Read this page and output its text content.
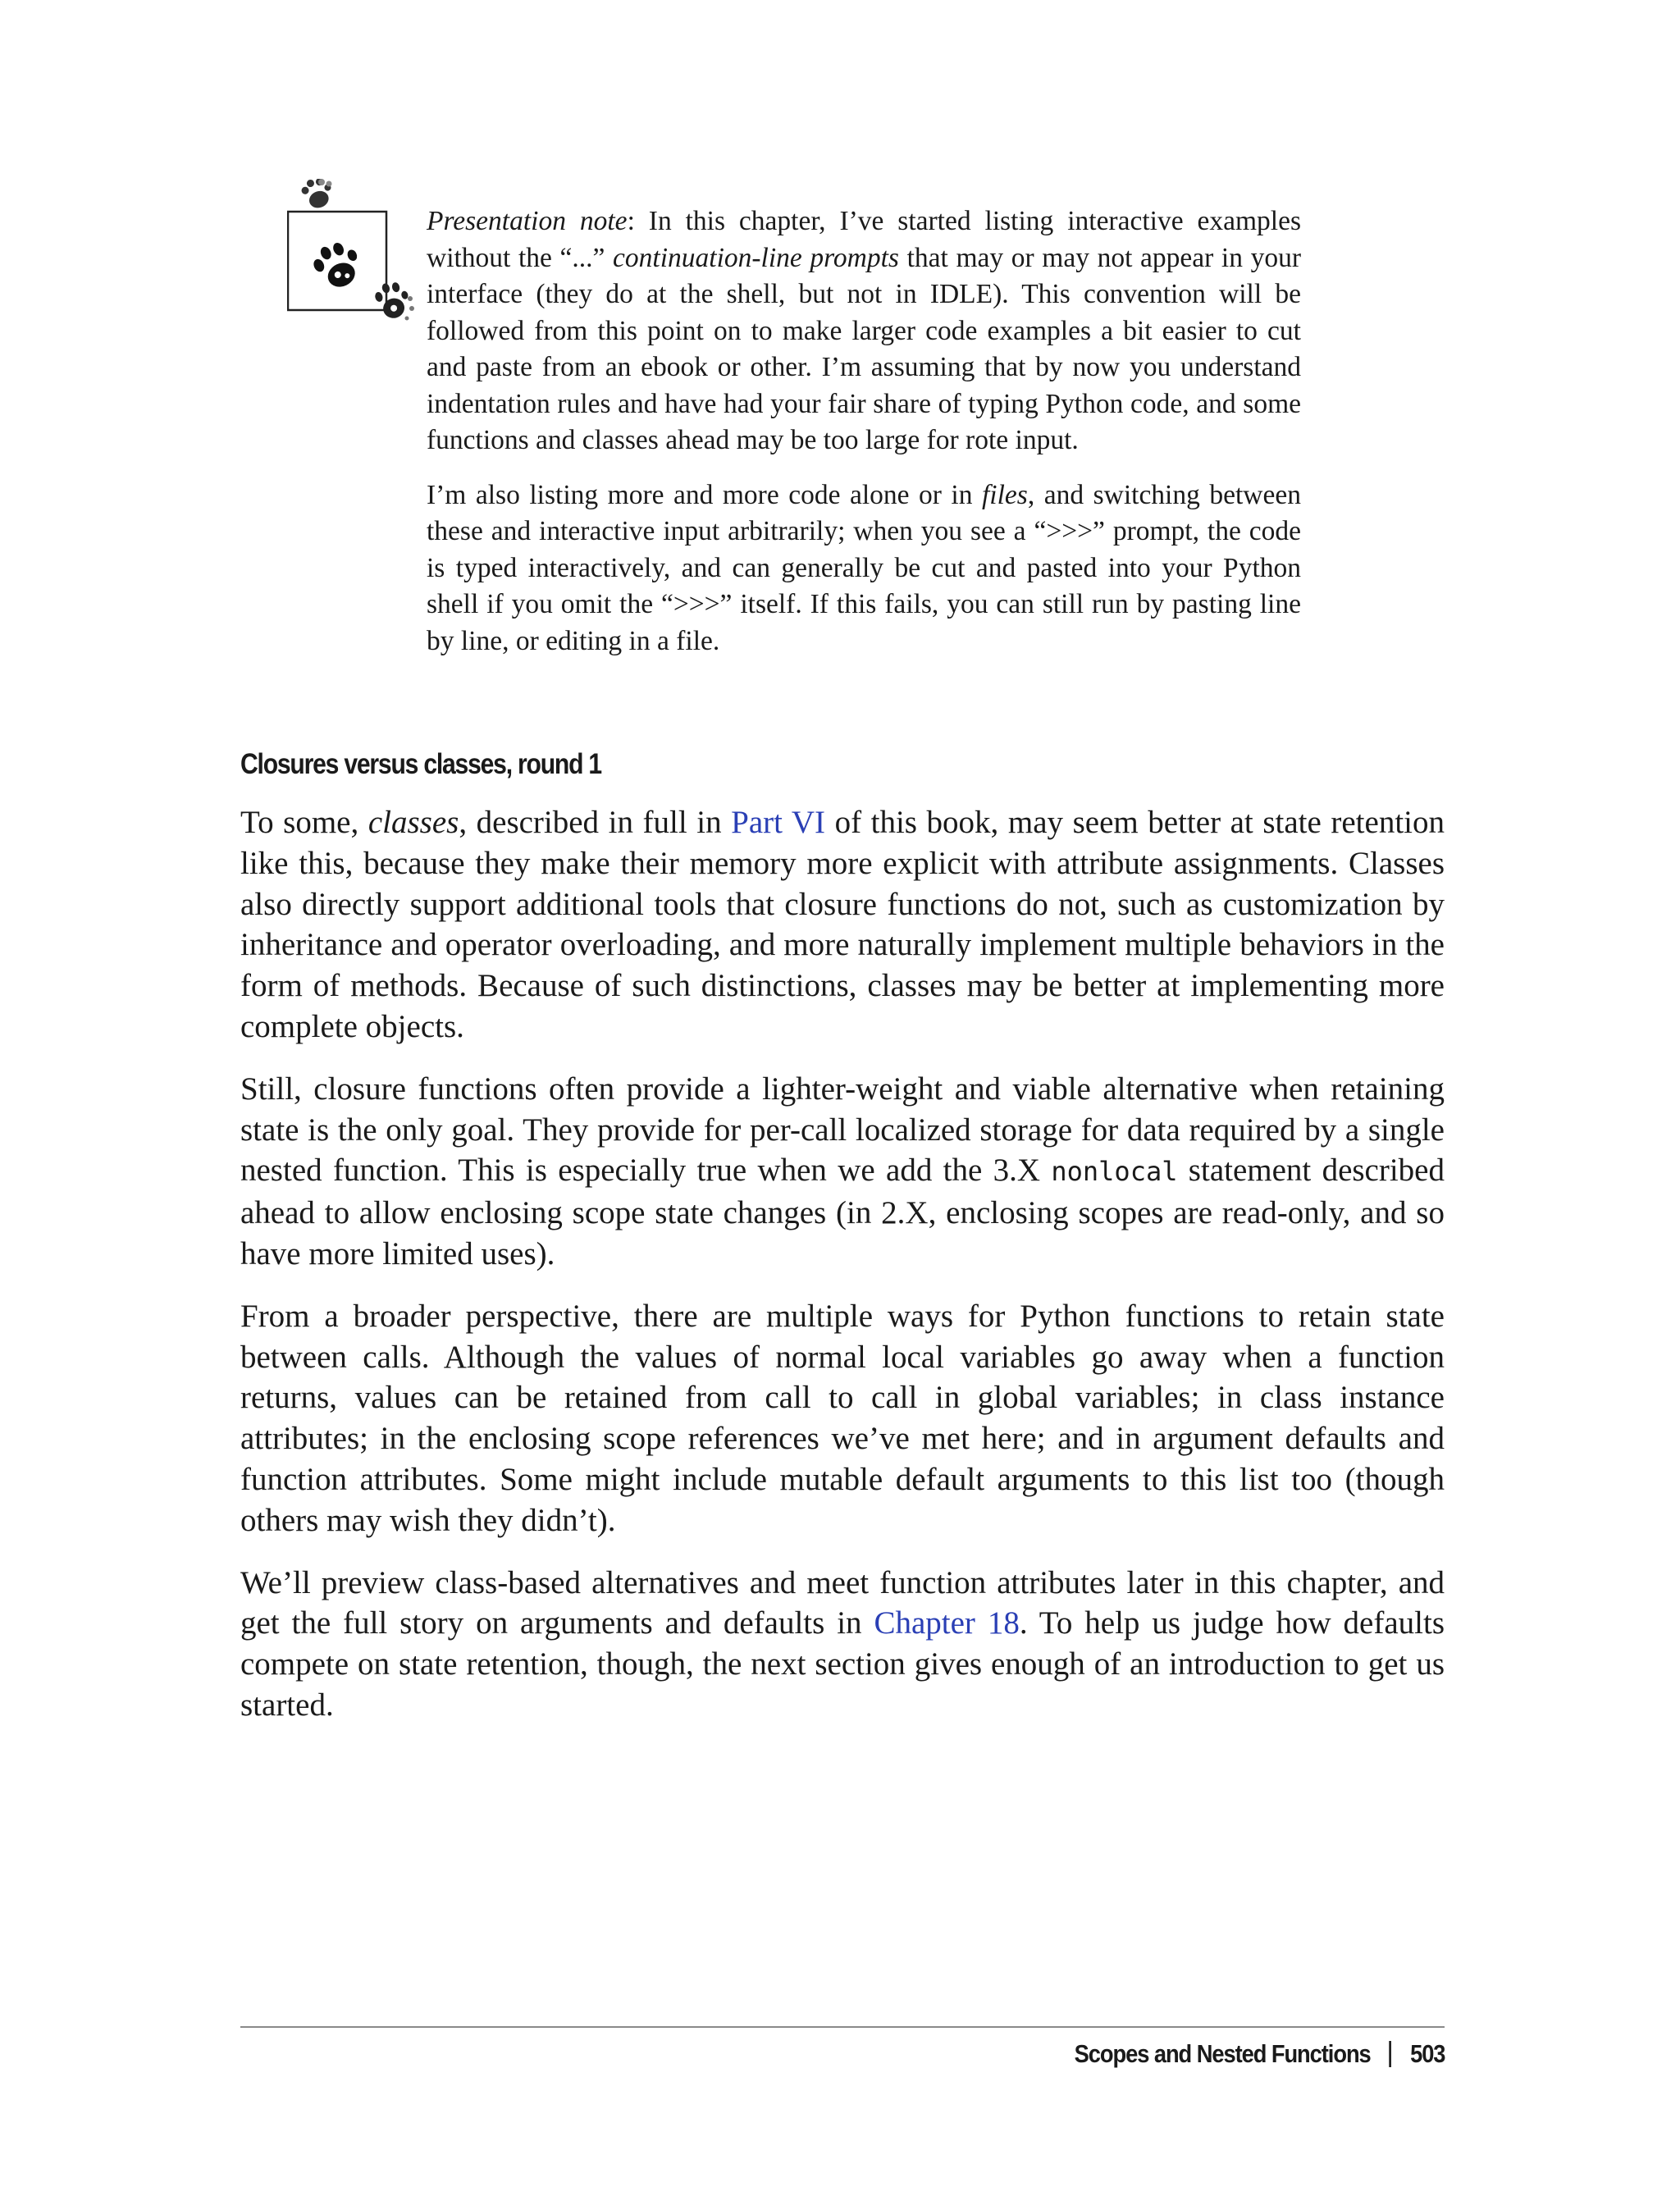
Presentation note: In this chapter, I’ve started listing interactive examples without the “...” continuation-line prompts that may or may not appear in your interface (they do at the shell, but not in IDLE). This convention will be followed from this point on to make larger code examples a bit easier to cut and paste from an ebook or other. I’m assuming that by now you understand indentation rules and have had your fair share of typing Python code, and some functions and classes ahead may be too large for rote input.

I’m also listing more and more code alone or in files, and switching between these and interactive input arbitrarily; when you see a “>>>” prompt, the code is typed interactively, and can generally be cut and pasted into your Python shell if you omit the “>>>” itself. If this fails, you can still run by pasting line by line, or editing in a file.

Closures versus classes, round 1

To some, classes, described in full in Part VI of this book, may seem better at state retention like this, because they make their memory more explicit with attribute assignments. Classes also directly support additional tools that closure functions do not, such as customization by inheritance and operator overloading, and more naturally implement multiple behaviors in the form of methods. Because of such distinctions, classes may be better at implementing more complete objects.

Still, closure functions often provide a lighter-weight and viable alternative when retaining state is the only goal. They provide for per-call localized storage for data required by a single nested function. This is especially true when we add the 3.X nonlocal statement described ahead to allow enclosing scope state changes (in 2.X, enclosing scopes are read-only, and so have more limited uses).

From a broader perspective, there are multiple ways for Python functions to retain state between calls. Although the values of normal local variables go away when a function returns, values can be retained from call to call in global variables; in class instance attributes; in the enclosing scope references we’ve met here; and in argument defaults and function attributes. Some might include mutable default arguments to this list too (though others may wish they didn’t).

We’ll preview class-based alternatives and meet function attributes later in this chapter, and get the full story on arguments and defaults in Chapter 18. To help us judge how defaults compete on state retention, though, the next section gives enough of an introduction to get us started.

Scopes and Nested Functions 503
